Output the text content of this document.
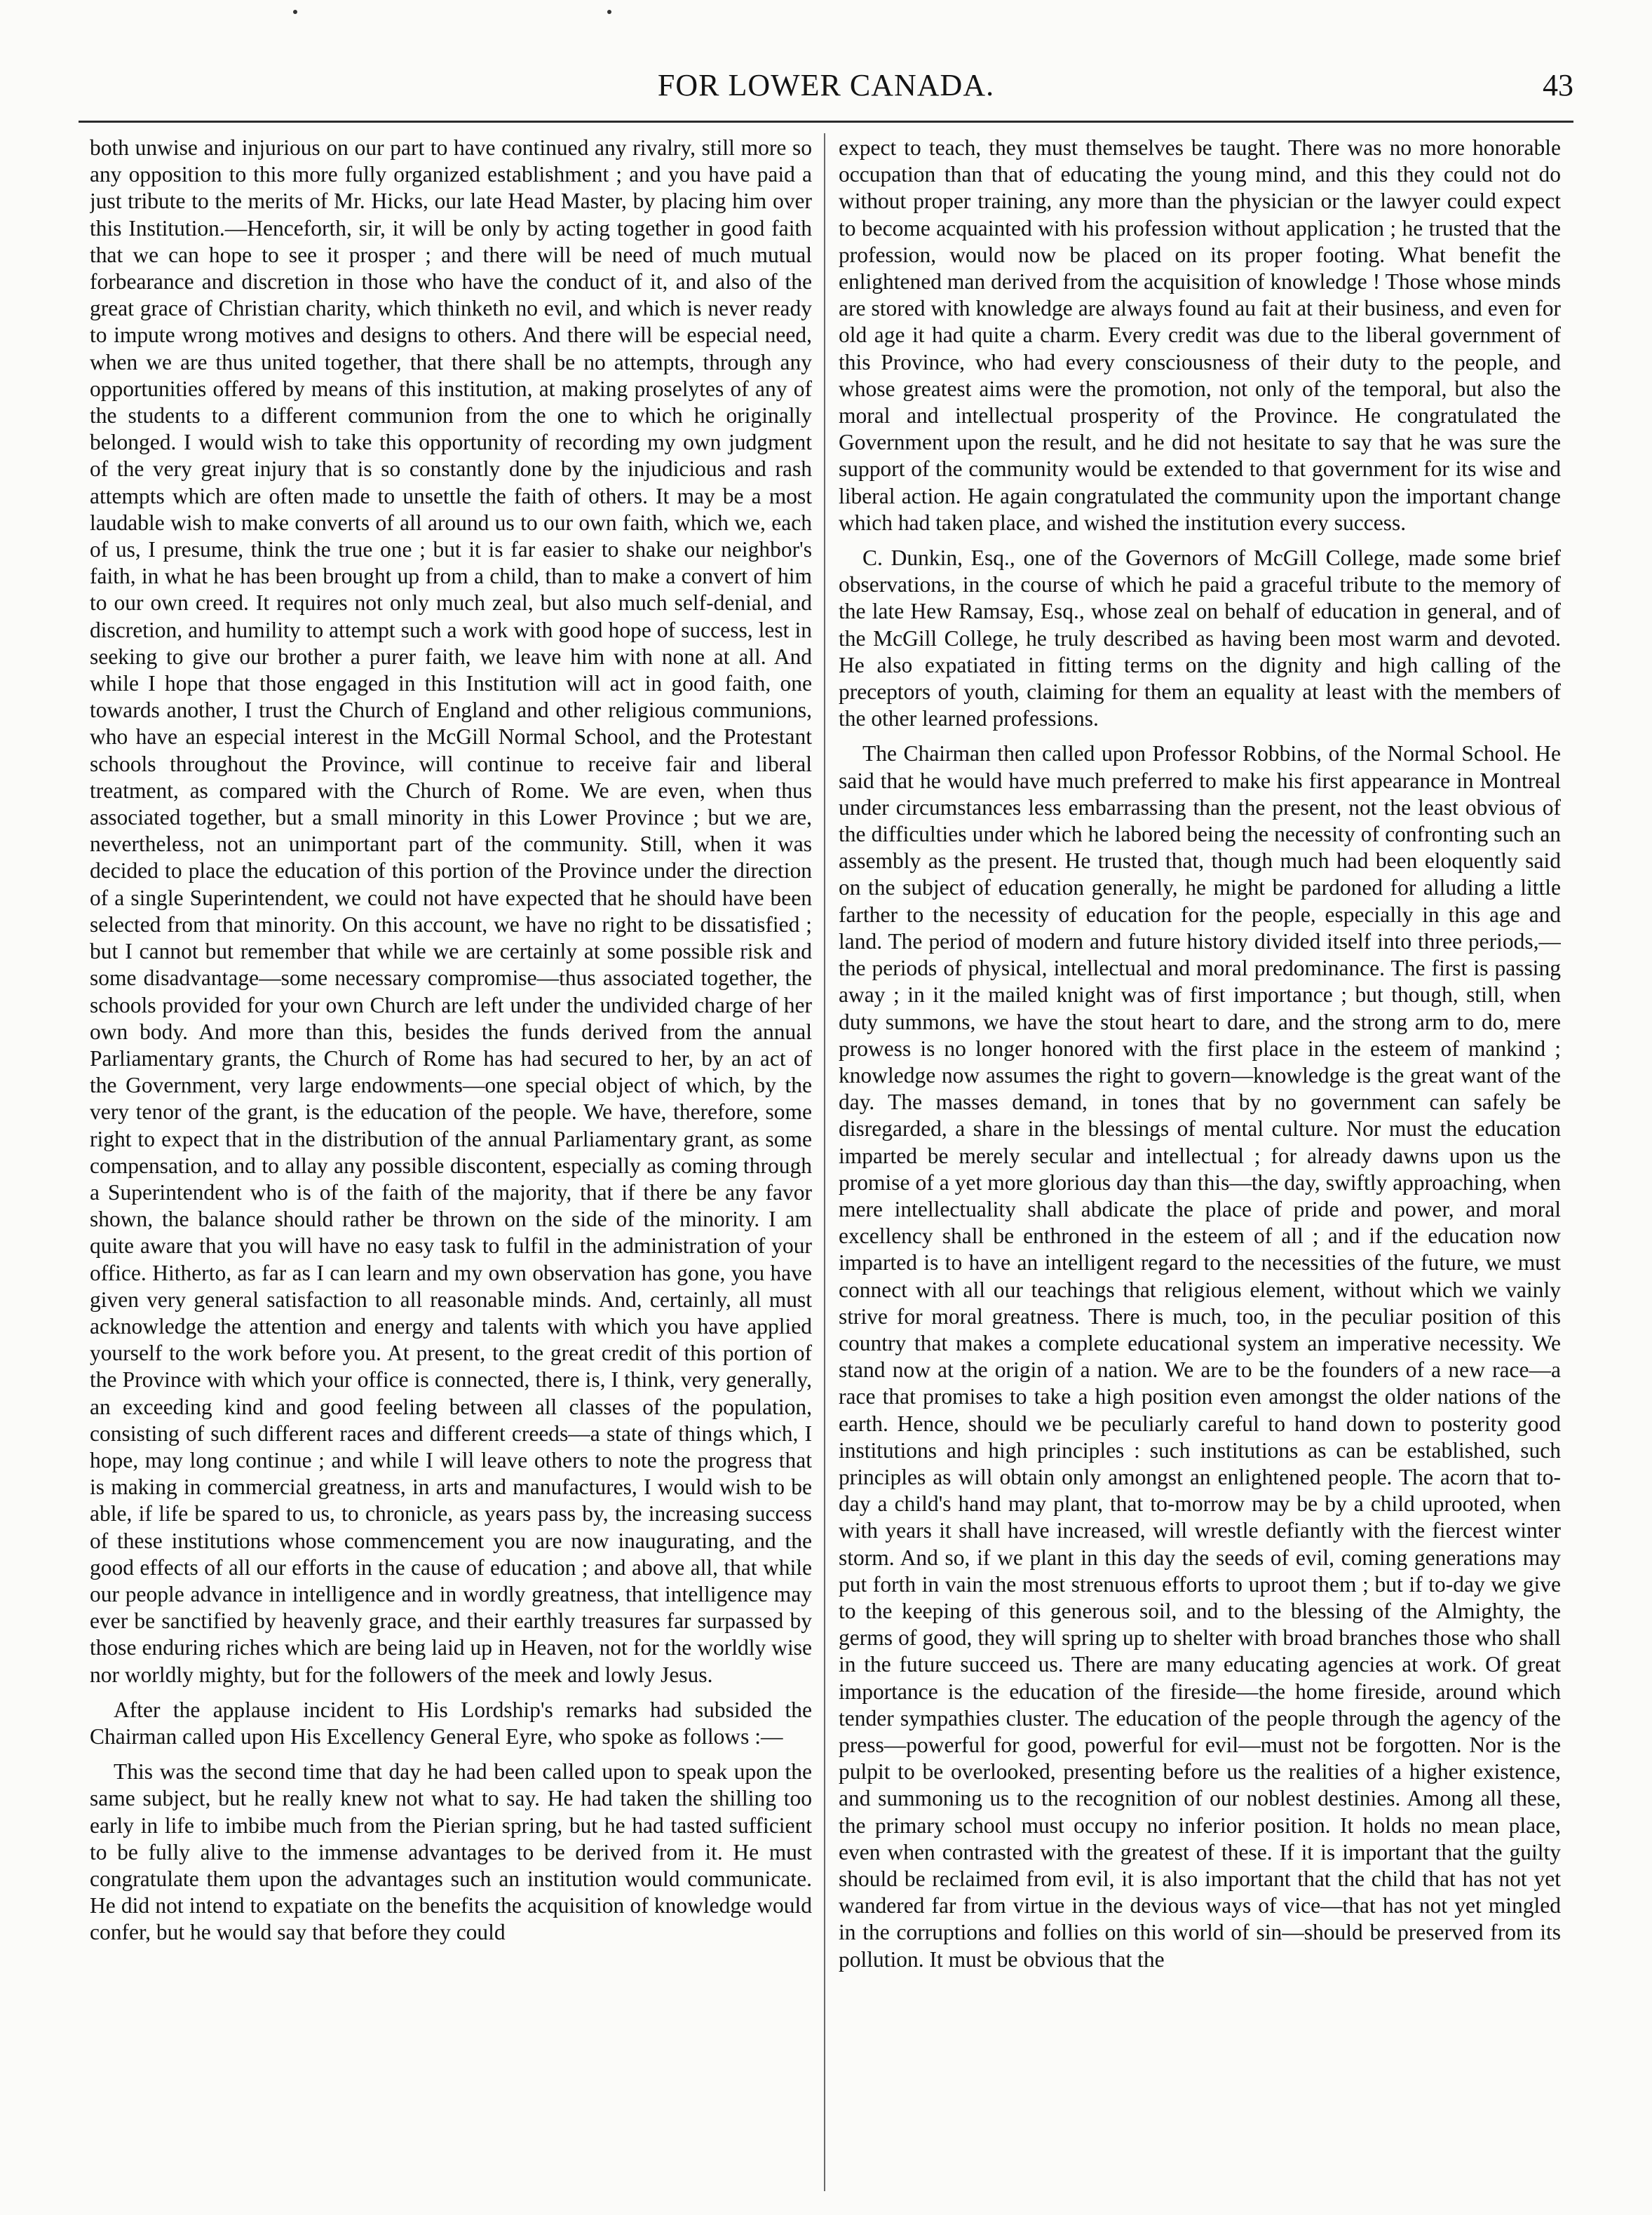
FOR LOWER CANADA.	43

both unwise and injurious on our part to have continued any rivalry, still more so any opposition to this more fully organized establishment ; and you have paid a just tribute to the merits of Mr. Hicks, our late Head Master, by placing him over this Institution.—Henceforth, sir, it will be only by acting together in good faith that we can hope to see it prosper ; and there will be need of much mutual forbearance and discretion in those who have the conduct of it, and also of the great grace of Christian charity, which thinketh no evil, and which is never ready to impute wrong motives and designs to others. And there will be especial need, when we are thus united together, that there shall be no attempts, through any opportunities offered by means of this institution, at making proselytes of any of the students to a different communion from the one to which he originally belonged. I would wish to take this opportunity of recording my own judgment of the very great injury that is so constantly done by the injudicious and rash attempts which are often made to unsettle the faith of others. It may be a most laudable wish to make converts of all around us to our own faith, which we, each of us, I presume, think the true one ; but it is far easier to shake our neighbor's faith, in what he has been brought up from a child, than to make a convert of him to our own creed. It requires not only much zeal, but also much self-denial, and discretion, and humility to attempt such a work with good hope of success, lest in seeking to give our brother a purer faith, we leave him with none at all. And while I hope that those engaged in this Institution will act in good faith, one towards another, I trust the Church of England and other religious communions, who have an especial interest in the McGill Normal School, and the Protestant schools throughout the Province, will continue to receive fair and liberal treatment, as compared with the Church of Rome. We are even, when thus associated together, but a small minority in this Lower Province ; but we are, nevertheless, not an unimportant part of the community. Still, when it was decided to place the education of this portion of the Province under the direction of a single Superintendent, we could not have expected that he should have been selected from that minority. On this account, we have no right to be dissatisfied ; but I cannot but remember that while we are certainly at some possible risk and some disadvantage—some necessary compromise—thus associated together, the schools provided for your own Church are left under the undivided charge of her own body. And more than this, besides the funds derived from the annual Parliamentary grants, the Church of Rome has had secured to her, by an act of the Government, very large endowments—one special object of which, by the very tenor of the grant, is the education of the people. We have, therefore, some right to expect that in the distribution of the annual Parliamentary grant, as some compensation, and to allay any possible discontent, especially as coming through a Superintendent who is of the faith of the majority, that if there be any favor shown, the balance should rather be thrown on the side of the minority. I am quite aware that you will have no easy task to fulfil in the administration of your office. Hitherto, as far as I can learn and my own observation has gone, you have given very general satisfaction to all reasonable minds. And, certainly, all must acknowledge the attention and energy and talents with which you have applied yourself to the work before you. At present, to the great credit of this portion of the Province with which your office is connected, there is, I think, very generally, an exceeding kind and good feeling between all classes of the population, consisting of such different races and different creeds—a state of things which, I hope, may long continue ; and while I will leave others to note the progress that is making in commercial greatness, in arts and manufactures, I would wish to be able, if life be spared to us, to chronicle, as years pass by, the increasing success of these institutions whose commencement you are now inaugurating, and the good effects of all our efforts in the cause of education ; and above all, that while our people advance in intelligence and in wordly greatness, that intelligence may ever be sanctified by heavenly grace, and their earthly treasures far surpassed by those enduring riches which are being laid up in Heaven, not for the worldly wise nor worldly mighty, but for the followers of the meek and lowly Jesus.

After the applause incident to His Lordship's remarks had subsided the Chairman called upon His Excellency General Eyre, who spoke as follows :—

This was the second time that day he had been called upon to speak upon the same subject, but he really knew not what to say. He had taken the shilling too early in life to imbibe much from the Pierian spring, but he had tasted sufficient to be fully alive to the immense advantages to be derived from it. He must congratulate them upon the advantages such an institution would communicate. He did not intend to expatiate on the benefits the acquisition of knowledge would confer, but he would say that before they could

expect to teach, they must themselves be taught. There was no more honorable occupation than that of educating the young mind, and this they could not do without proper training, any more than the physician or the lawyer could expect to become acquainted with his profession without application ; he trusted that the profession, would now be placed on its proper footing. What benefit the enlightened man derived from the acquisition of knowledge ! Those whose minds are stored with knowledge are always found au fait at their business, and even for old age it had quite a charm. Every credit was due to the liberal government of this Province, who had every consciousness of their duty to the people, and whose greatest aims were the promotion, not only of the temporal, but also the moral and intellectual prosperity of the Province. He congratulated the Government upon the result, and he did not hesitate to say that he was sure the support of the community would be extended to that government for its wise and liberal action. He again congratulated the community upon the important change which had taken place, and wished the institution every success.

C. Dunkin, Esq., one of the Governors of McGill College, made some brief observations, in the course of which he paid a graceful tribute to the memory of the late Hew Ramsay, Esq., whose zeal on behalf of education in general, and of the McGill College, he truly described as having been most warm and devoted. He also expatiated in fitting terms on the dignity and high calling of the preceptors of youth, claiming for them an equality at least with the members of the other learned professions.

The Chairman then called upon Professor Robbins, of the Normal School. He said that he would have much preferred to make his first appearance in Montreal under circumstances less embarrassing than the present, not the least obvious of the difficulties under which he labored being the necessity of confronting such an assembly as the present. He trusted that, though much had been eloquently said on the subject of education generally, he might be pardoned for alluding a little farther to the necessity of education for the people, especially in this age and land. The period of modern and future history divided itself into three periods,—the periods of physical, intellectual and moral predominance. The first is passing away ; in it the mailed knight was of first importance ; but though, still, when duty summons, we have the stout heart to dare, and the strong arm to do, mere prowess is no longer honored with the first place in the esteem of mankind ; knowledge now assumes the right to govern—knowledge is the great want of the day. The masses demand, in tones that by no government can safely be disregarded, a share in the blessings of mental culture. Nor must the education imparted be merely secular and intellectual ; for already dawns upon us the promise of a yet more glorious day than this—the day, swiftly approaching, when mere intellectuality shall abdicate the place of pride and power, and moral excellency shall be enthroned in the esteem of all ; and if the education now imparted is to have an intelligent regard to the necessities of the future, we must connect with all our teachings that religious element, without which we vainly strive for moral greatness. There is much, too, in the peculiar position of this country that makes a complete educational system an imperative necessity. We stand now at the origin of a nation. We are to be the founders of a new race—a race that promises to take a high position even amongst the older nations of the earth. Hence, should we be peculiarly careful to hand down to posterity good institutions and high principles : such institutions as can be established, such principles as will obtain only amongst an enlightened people. The acorn that to-day a child's hand may plant, that to-morrow may be by a child uprooted, when with years it shall have increased, will wrestle defiantly with the fiercest winter storm. And so, if we plant in this day the seeds of evil, coming generations may put forth in vain the most strenuous efforts to uproot them ; but if to-day we give to the keeping of this generous soil, and to the blessing of the Almighty, the germs of good, they will spring up to shelter with broad branches those who shall in the future succeed us. There are many educating agencies at work. Of great importance is the education of the fireside—the home fireside, around which tender sympathies cluster. The education of the people through the agency of the press—powerful for good, powerful for evil—must not be forgotten. Nor is the pulpit to be overlooked, presenting before us the realities of a higher existence, and summoning us to the recognition of our noblest destinies. Among all these, the primary school must occupy no inferior position. It holds no mean place, even when contrasted with the greatest of these. If it is important that the guilty should be reclaimed from evil, it is also important that the child that has not yet wandered far from virtue in the devious ways of vice—that has not yet mingled in the corruptions and follies on this world of sin—should be preserved from its pollution. It must be obvious that the
